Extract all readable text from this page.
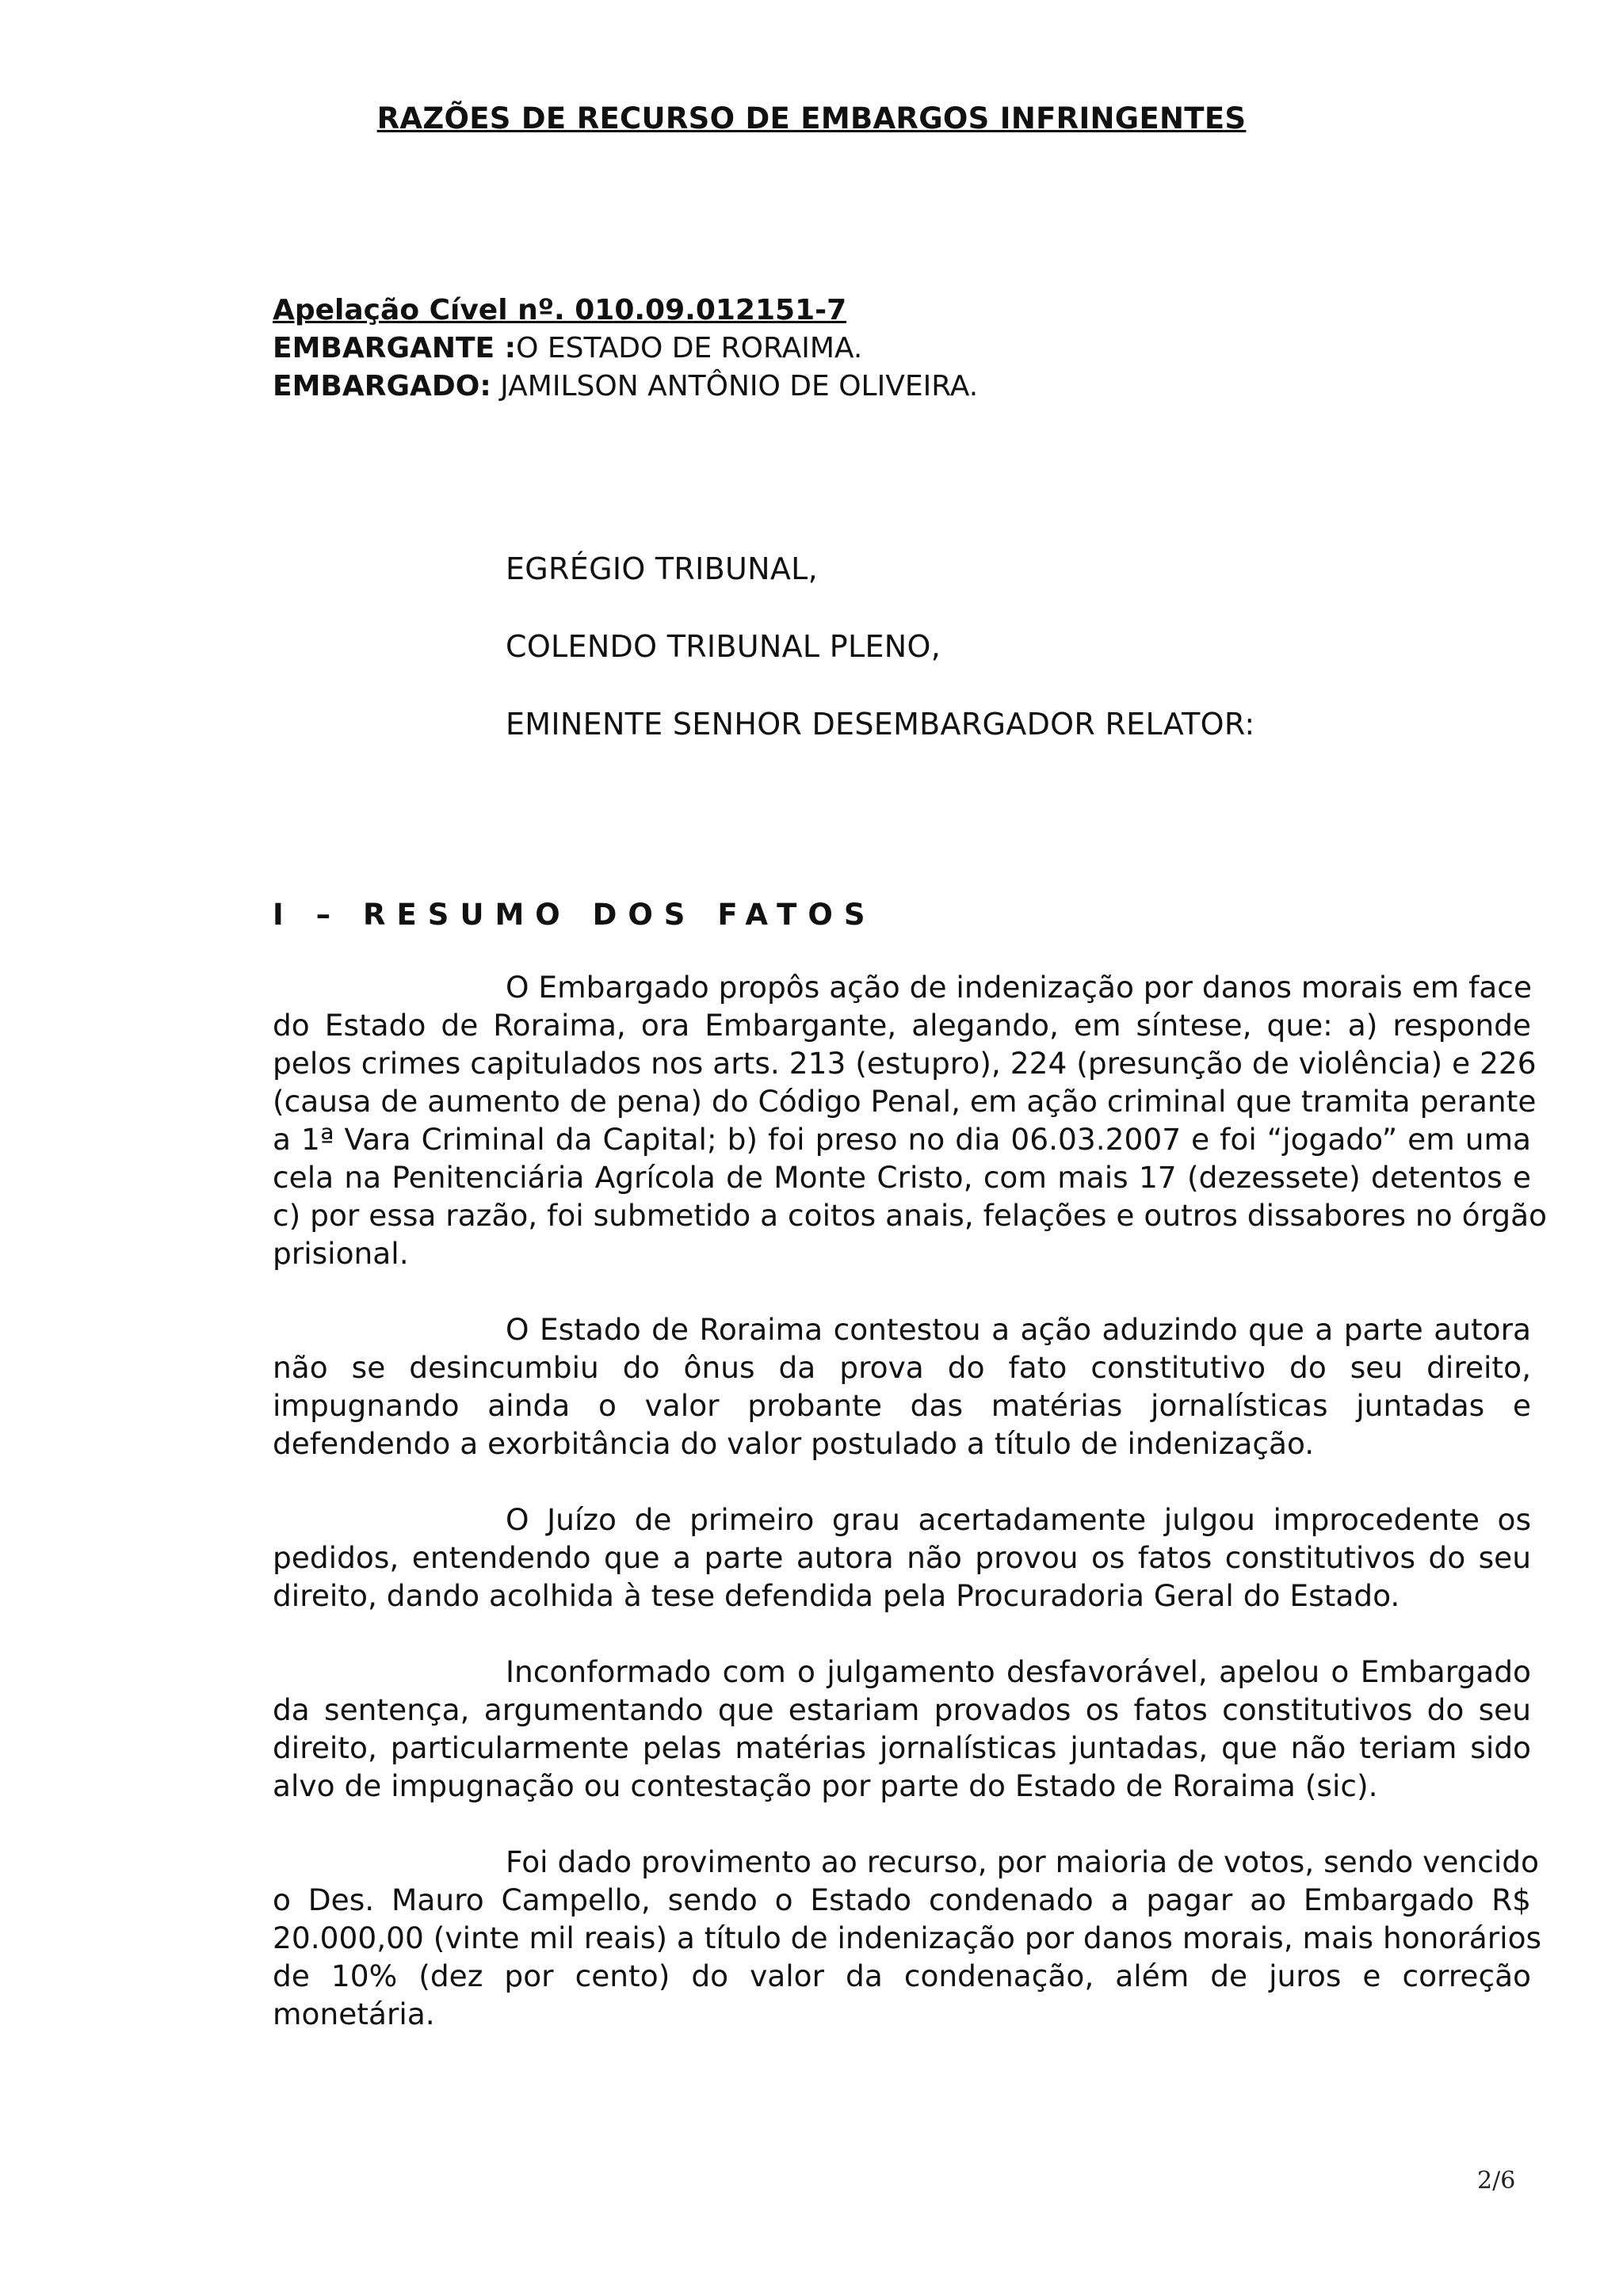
RAZÕES DE RECURSO DE EMBARGOS INFRINGENTES
Apelação Cível nº. 010.09.012151-7
EMBARGANTE :O ESTADO DE RORAIMA.
EMBARGADO: JAMILSON ANTÔNIO DE OLIVEIRA.
EGRÉGIO TRIBUNAL,
COLENDO TRIBUNAL PLENO,
EMINENTE SENHOR DESEMBARGADOR RELATOR:
I – RESUMO DOS FATOS
O Embargado propôs ação de indenização por danos morais em face
do Estado de Roraima, ora Embargante, alegando, em síntese, que: a) responde
pelos crimes capitulados nos arts. 213 (estupro), 224 (presunção de violência) e 226
(causa de aumento de pena) do Código Penal, em ação criminal que tramita perante
a 1ª Vara Criminal da Capital; b) foi preso no dia 06.03.2007 e foi “jogado” em uma
cela na Penitenciária Agrícola de Monte Cristo, com mais 17 (dezessete) detentos e
c) por essa razão, foi submetido a coitos anais, felações e outros dissabores no órgão
prisional.
O Estado de Roraima contestou a ação aduzindo que a parte autora
não se desincumbiu do ônus da prova do fato constitutivo do seu direito,
impugnando ainda o valor probante das matérias jornalísticas juntadas e
defendendo a exorbitância do valor postulado a título de indenização.
O Juízo de primeiro grau acertadamente julgou improcedente os
pedidos, entendendo que a parte autora não provou os fatos constitutivos do seu
direito, dando acolhida à tese defendida pela Procuradoria Geral do Estado.
Inconformado com o julgamento desfavorável, apelou o Embargado
da sentença, argumentando que estariam provados os fatos constitutivos do seu
direito, particularmente pelas matérias jornalísticas juntadas, que não teriam sido
alvo de impugnação ou contestação por parte do Estado de Roraima (sic).
Foi dado provimento ao recurso, por maioria de votos, sendo vencido
o Des. Mauro Campello, sendo o Estado condenado a pagar ao Embargado R$
20.000,00 (vinte mil reais) a título de indenização por danos morais, mais honorários
de 10% (dez por cento) do valor da condenação, além de juros e correção
monetária.
2/6
